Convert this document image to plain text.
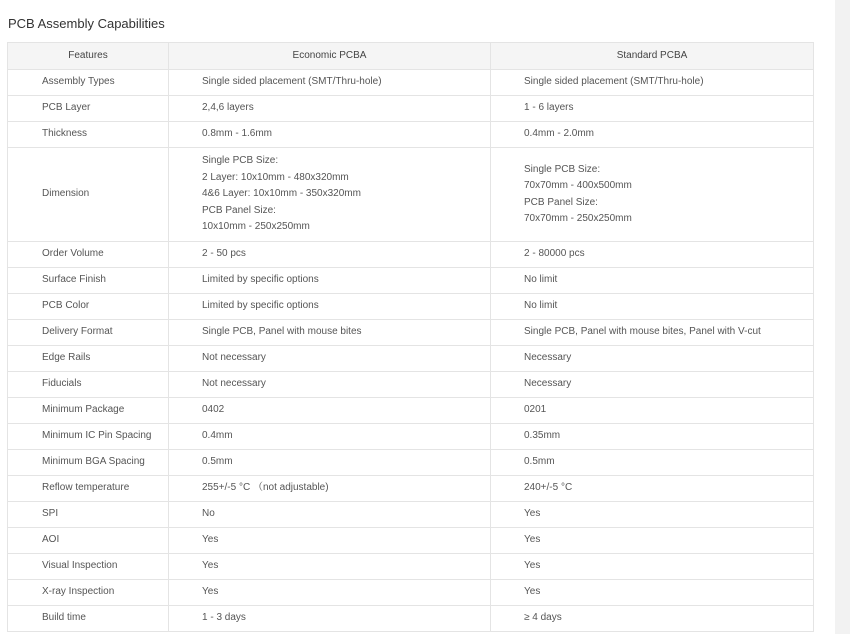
PCB Assembly Capabilities
Features	Economic PCBA	Standard PCBA
Assembly Types	Single sided placement (SMT/Thru-hole)	Single sided placement (SMT/Thru-hole)

PCB Layer	2,4,6 layers	1 - 6 layers

Thickness	0.8mm - 1.6mm	0.4mm - 2.0mm

Dimension	Single PCB Size:
2 Layer: 10x10mm - 480x320mm
4&6 Layer: 10x10mm - 350x320mm
PCB Panel Size:
10x10mm - 250x250mm	Single PCB Size:
70x70mm - 400x500mm
PCB Panel Size:
70x70mm - 250x250mm

Order Volume	2 - 50 pcs	2 - 80000 pcs

Surface Finish	Limited by specific options	No limit

PCB Color	Limited by specific options	No limit

Delivery Format	Single PCB, Panel with mouse bites	Single PCB, Panel with mouse bites, Panel with V-cut

Edge Rails	Not necessary	Necessary

Fiducials	Not necessary	Necessary

Minimum Package	0402	0201

Minimum IC Pin Spacing	0.4mm	0.35mm

Minimum BGA Spacing	0.5mm	0.5mm

Reflow temperature	255+/-5 °C （not adjustable)	240+/-5 °C

SPI	No	Yes

AOI	Yes	Yes

Visual Inspection	Yes	Yes

X-ray Inspection	Yes	Yes

Build time	1 - 3 days	≥ 4 days
